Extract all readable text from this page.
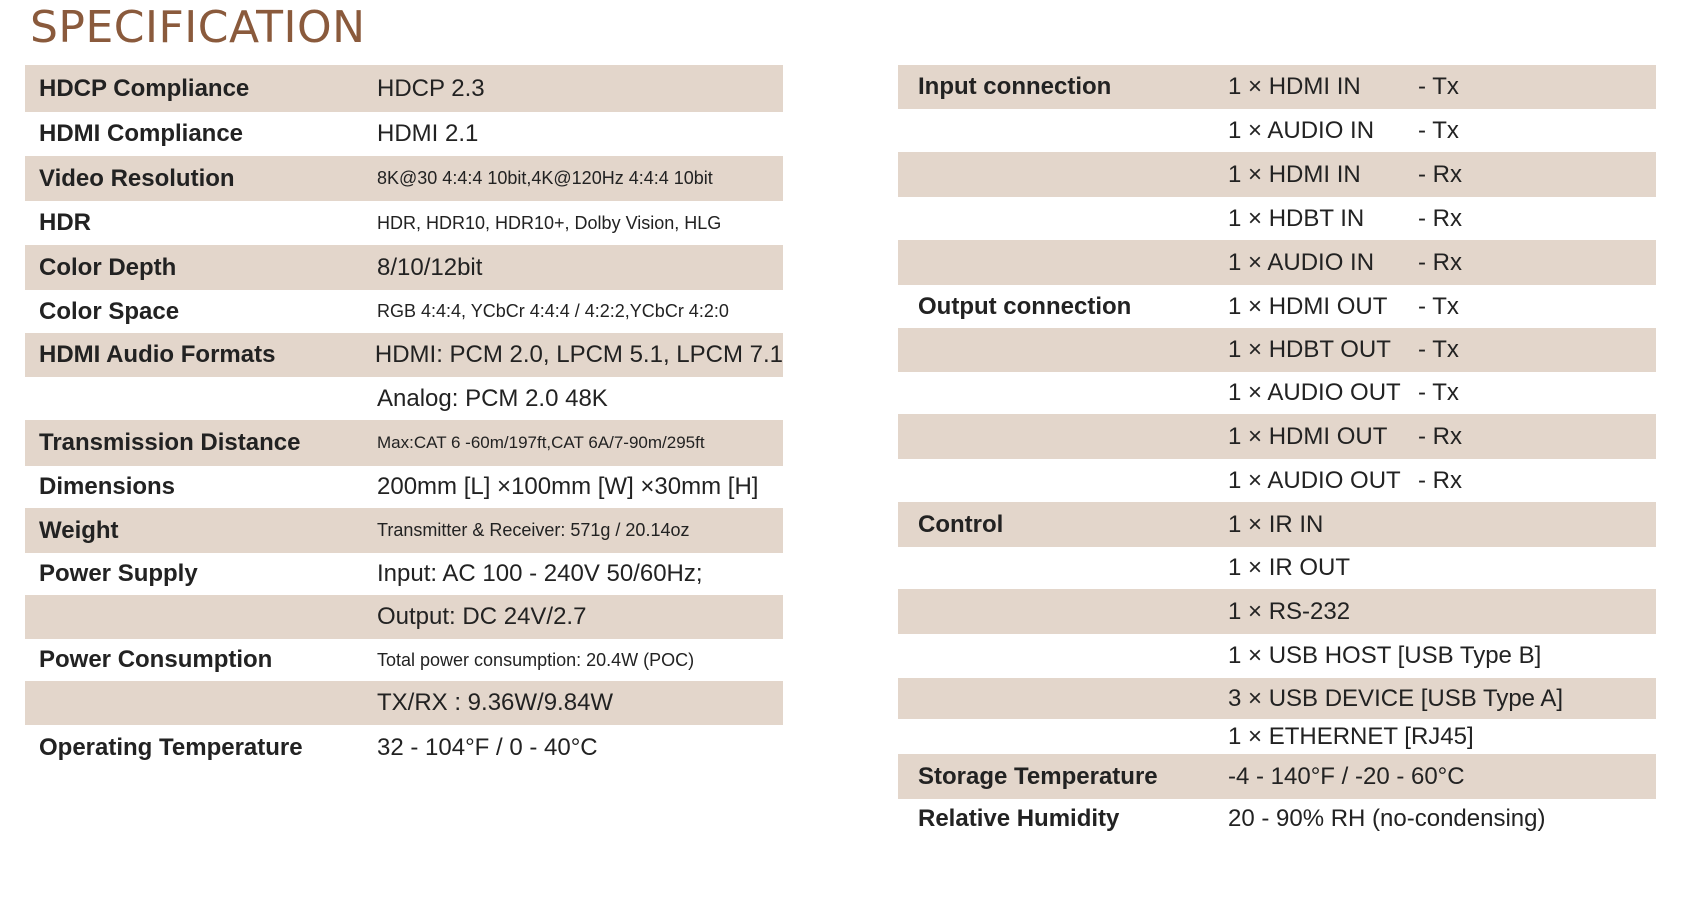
SPECIFICATION
HDCP Compliance	HDCP 2.3
HDMI Compliance	HDMI 2.1
Video Resolution	8K@30 4:4:4 10bit,4K@120Hz 4:4:4 10bit
HDR	HDR, HDR10, HDR10+, Dolby Vision, HLG
Color Depth	8/10/12bit
Color Space	RGB 4:4:4, YCbCr 4:4:4 / 4:2:2,YCbCr 4:2:0
HDMI Audio Formats	HDMI: PCM 2.0, LPCM 5.1, LPCM 7.1
Analog: PCM 2.0 48K
Transmission Distance	Max:CAT 6 -60m/197ft,CAT 6A/7-90m/295ft
Dimensions	200mm [L] ×100mm [W] ×30mm [H]
Weight	Transmitter & Receiver: 571g / 20.14oz
Power Supply	Input: AC 100 - 240V 50/60Hz;
Output: DC 24V/2.7
Power Consumption	Total power consumption: 20.4W (POC)
TX/RX : 9.36W/9.84W
Operating Temperature	32 - 104°F / 0 - 40°C
Input connection	1 × HDMI IN	- Tx
1 × AUDIO IN	- Tx
1 × HDMI IN	- Rx
1 × HDBT IN	- Rx
1 × AUDIO IN	- Rx
Output connection	1 × HDMI OUT	- Tx
1 × HDBT OUT	- Tx
1 × AUDIO OUT - Tx
1 × HDMI OUT	- Rx
1 × AUDIO OUT - Rx
Control	1 × IR IN
1 × IR OUT
1 × RS-232
1 × USB HOST [USB Type B]
3 × USB DEVICE [USB Type A]
1 × ETHERNET [RJ45]
Storage Temperature	-4 - 140°F / -20 - 60°C
Relative Humidity	20 - 90% RH (no-condensing)
